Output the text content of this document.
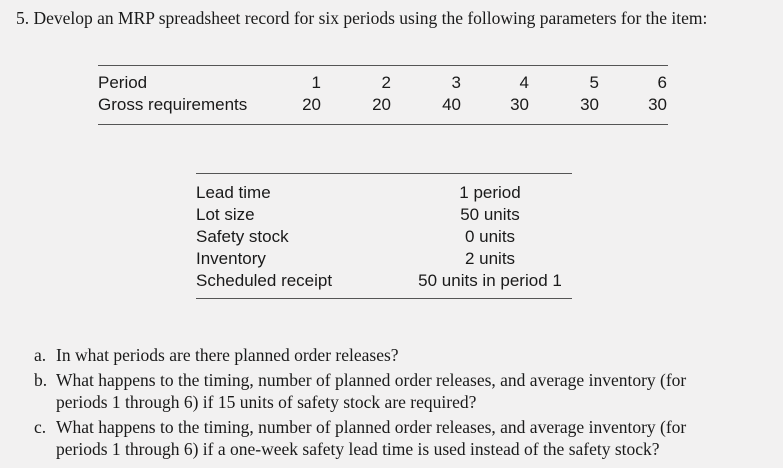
5. Develop an MRP spreadsheet record for six periods using the following parameters for the item:
Period	1	2	3	4	5	6
Gross requirements	20	20	40	30	30	30
Lead time	1 period
Lot size	50 units
Safety stock	0 units
Inventory	2 units
Scheduled receipt	50 units in period 1
a. In what periods are there planned order releases?
b. What happens to the timing, number of planned order releases, and average inventory (for
periods 1 through 6) if 15 units of safety stock are required?
c. What happens to the timing, number of planned order releases, and average inventory (for
periods 1 through 6) if a one-week safety lead time is used instead of the safety stock?
